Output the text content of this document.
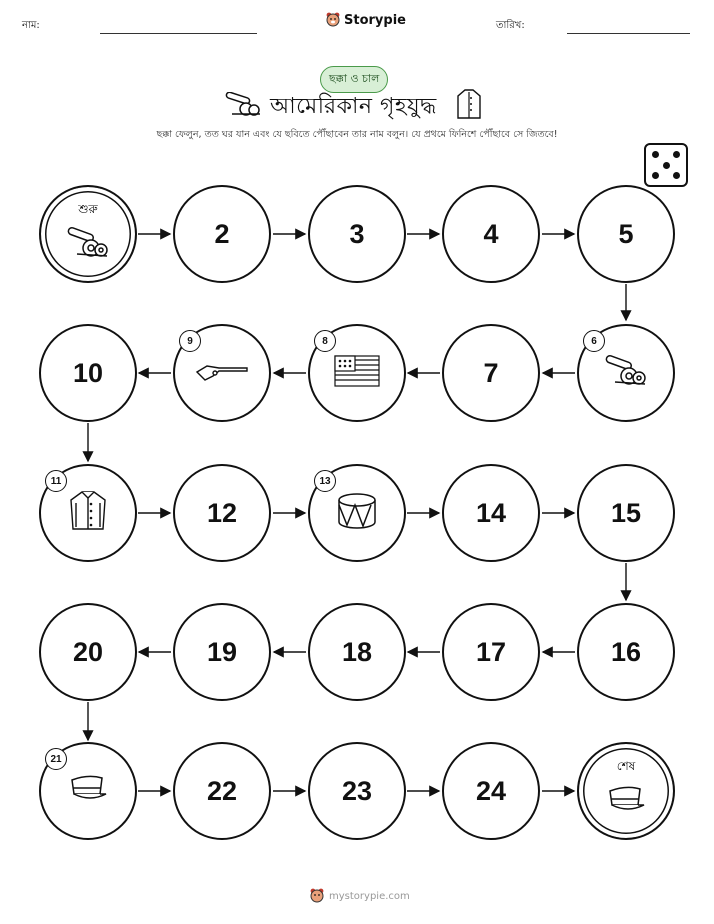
নাম:	Storypie	তারিখ:
ছক্কা ও চাল
আমেরিকান গৃহযুদ্ধ
ছক্কা ফেলুন, তত ঘর যান এবং যে ছবিতে পৌঁছাবেন তার নাম বলুন। যে প্রথমে ফিনিশে পৌঁছাবে সে জিতবে!
শুরু
2	3	4	5
6
7
8
9
10
11
12
13
14	15
16
17
18
19
20
21
22	23	24
শেষ
mystorypie.com
